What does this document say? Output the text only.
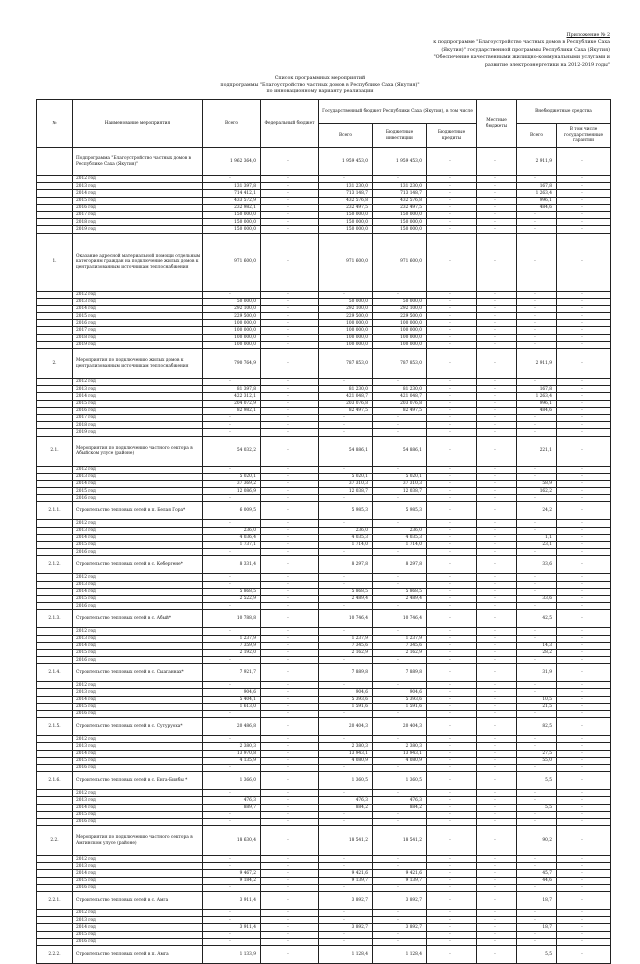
Приложение № 2
к подпрограмме "Благоустройство частных домов в Республике Саха
(Якутия)" государственной программы Республики Саха (Якутия)
"Обеспечение качественными жилищно-коммунальными услугами и
развитие электроэнергетики на 2012-2019 годы"
Список программных мероприятий
подпрограммы "Благоустройство частных домов в Республике Саха (Якутия)"
по инновационному варианту реализации
№	Наименование мероприятия	Всего	Федеральный бюджет	Государственный бюджет Республики Саха (Якутия), в том числе			Местные бюджеты	Внебюджетные средства	
				Всего	Бюджетные инвестиции	Бюджетные кредиты		Всего	В том числе государственные гарантии
	Подпрограмма "Благоустройство частных домов в Республике Саха (Якутия)"	1 962 364,0	-	1 959 453,0	1 959 453,0	-	-	2 911,9	-
	2012 год	-	-	-	-	-	-	-	-
	2013 год	131 397,8	-	131 230,0	131 230,0	-	-	167,8	-
	2014 год	714 412,1	-	713 148,7	713 148,7	-	-	1 263,4	-
	2015 год	433 572,9	-	432 576,8	432 576,8	-	-	996,1	-
	2016 год	232 982,1	-	232 497,5	232 497,5	-	-	484,6	-
	2017 год	150 000,0	-	150 000,0	150 000,0	-	-	-	-
	2018 год	150 000,0	-	150 000,0	150 000,0	-	-	-	-
	2019 год	150 000,0	-	150 000,0	150 000,0	-	-	-	-
1.	Оказание адресной материальной помощи отдельным категориям граждан на подключение жилых домов к централизованным источникам теплоснабжения	971 600,0	-	971 600,0	971 600,0	-	-	-	-
	2012 год	-	-	-	-	-	-	-	-
	2013 год	50 000,0	-	50 000,0	50 000,0	-	-	-	-
	2014 год	292 100,0	-	292 100,0	292 100,0	-	-	-	-
	2015 год	229 500,0	-	229 500,0	229 500,0	-	-	-	-
	2016 год	100 000,0	-	100 000,0	100 000,0	-	-	-	-
	2017 год	100 000,0	-	100 000,0	100 000,0	-	-	-	-
	2018 год	100 000,0	-	100 000,0	100 000,0	-	-	-	-
	2019 год	100 000,0	-	100 000,0	100 000,0	-	-	-	-
2.	Мероприятия по подключению жилых домов к централизованным источникам теплоснабжения	790 764,9	-	787 853,0	787 853,0	-	-	2 911,9	-
	2012 год	-	-	-	-	-	-	-	-
	2013 год	81 397,8	-	81 230,0	81 230,0	-	-	167,8	-
	2014 год	422 312,1	-	421 048,7	421 048,7	-	-	1 263,4	-
	2015 год	204 072,9	-	203 076,8	203 076,8	-	-	996,1	-
	2016 год	82 982,1	-	82 497,5	82 497,5	-	-	484,6	-
	2017 год	-	-	-	-	-	-	-	-
	2018 год	-	-	-	-	-	-	-	-
	2019 год	-	-	-	-	-	-	-	-
2.1.	Мероприятия по подключению частного сектора в Абыйском улусе (районе)	54 032,2	-	54 886,1	54 886,1	-	-	221,1	-
	2012 год	-	-	-	-	-	-	-	-
	2013 год	5 020,1	-	5 020,1	5 020,1	-	-	-	-
	2014 год	37 369,2	-	37 310,3	37 310,3	-	-	58,9	-
	2015 год	12 086,9	-	12 038,7	12 038,7	-	-	162,2	-
	2016 год	-	-	-	-	-	-	-	-
2.1.1.	Строительство тепловых сетей в п. Белая Гора*	6 009,5	-	5 985,3	5 985,3	-	-	24,2	-
	2012 год	-	-	-	-	-	-	-	-
	2013 год	236,0	-	236,0	236,0	-	-	-	-
	2014 год	4 036,4	-	4 035,3	4 035,3	-	-	1,1	-
	2015 год	1 737,1	-	1 714,0	1 714,0	-	-	23,1	-
	2016 год	-	-	-	-	-	-	-	-
2.1.2.	Строительство тепловых сетей в с. Кебергене*	8 331,4	-	8 297,8	8 297,8	-	-	33,6	-
	2012 год	-	-	-	-	-	-	-	-
	2013 год	-	-	-	-	-	-	-	-
	2014 год	5 868,5	-	5 868,5	5 868,5	-	-	-	-
	2015 год	2 522,9	-	2 489,4	2 489,4	-	-	33,6	-
	2016 год	-	-	-	-	-	-	-	-
2.1.3.	Строительство тепловых сетей в с. Абый*	10 788,8	-	10 746,4	10 746,4	-	-	42,5	-
	2012 год	-	-	-	-	-	-	-	-
	2013 год	1 237,9	-	1 237,9	1 237,9	-	-	-	-
	2014 год	7 359,9	-	7 345,6	7 345,6	-	-	14,3	-
	2015 год	2 192,0	-	2 162,9	2 162,9	-	-	28,2	-
	2016 год	-	-	-	-	-	-	-	-
2.1.4.	Строительство тепловых сетей в с. Сыаганнах*	7 921,7	-	7 889,8	7 889,8	-	-	31,9	-
	2012 год	-	-	-	-	-	-	-	-
	2013 год	904,6	-	904,6	904,6	-	-	-	-
	2014 год	5 404,1	-	5 393,6	5 393,6	-	-	10,5	-
	2015 год	1 613,0	-	1 591,6	1 591,6	-	-	21,5	-
	2016 год	-	-	-	-	-	-	-	-
2.1.5.	Строительство тепловых сетей в с. Сутуруоха*	20 486,8	-	20 404,3	20 404,3	-	-	82,5	-
	2012 год	-	-	-	-	-	-	-	-
	2013 год	2 380,3	-	2 380,3	2 380,3	-	-	-	-
	2014 год	13 970,8	-	13 943,1	13 943,1	-	-	27,5	-
	2015 год	4 135,9	-	4 080,9	4 080,9	-	-	55,0	-
	2016 год	-	-	-	-	-	-	-	-
2.1.6.	Строительство тепловых сетей в с. Енга-Биябы *	1 366,0	-	1 360,5	1 360,5	-	-	5,5	-
	2012 год	-	-	-	-	-	-	-	-
	2013 год	476,3	-	476,3	476,3	-	-	-	-
	2014 год	889,7	-	884,2	884,2	-	-	5,5	-
	2015 год	-	-	-	-	-	-	-	-
	2016 год	-	-	-	-	-	-	-	-
2.2.	Мероприятия по подключению частного сектора в Амгинском улусе (районе)	18 630,4	-	18 541,2	18 541,2	-	-	90,2	-
	2012 год	-	-	-	-	-	-	-	-
	2013 год	-	-	-	-	-	-	-	-
	2014 год	9 467,2	-	9 421,6	9 421,6	-	-	45,7	-
	2015 год	9 184,2	-	9 139,7	9 139,7	-	-	44,6	-
	2016 год	-	-	-	-	-	-	-	-
2.2.1.	Строительство тепловых сетей в с. Амга	3 911,4	-	3 892,7	3 892,7	-	-	18,7	-
	2012 год	-	-	-	-	-	-	-	-
	2013 год	-	-	-	-	-	-	-	-
	2014 год	3 911,4	-	3 892,7	3 892,7	-	-	18,7	-
	2015 год	-	-	-	-	-	-	-	-
	2016 год	-	-	-	-	-	-	-	-
2.2.2.	Строительство тепловых сетей в п. Амга	1 133,9	-	1 128,4	1 128,4	-	-	5,5	-
